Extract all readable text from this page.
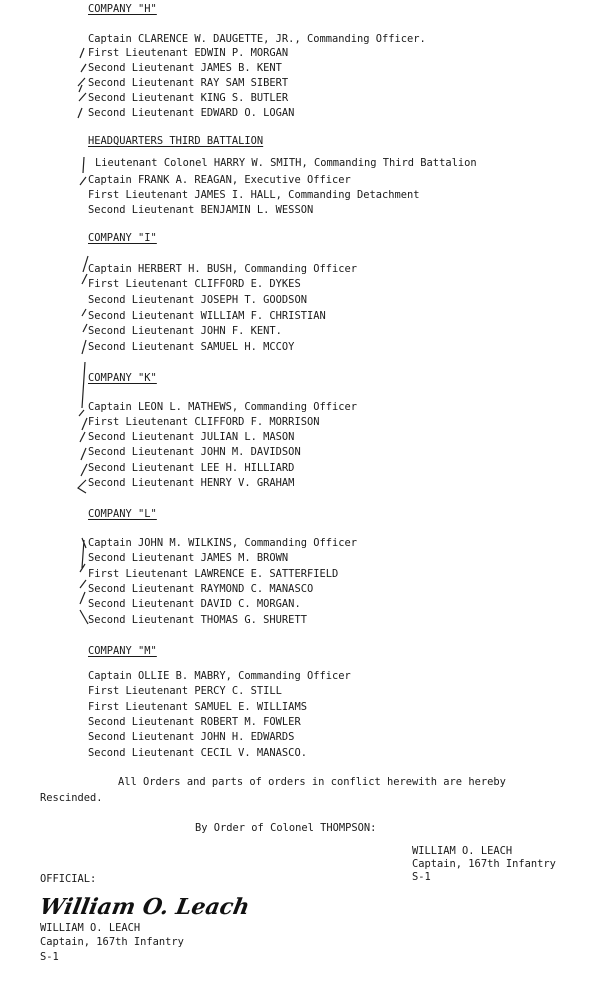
COMPANY "H"
Captain CLARENCE W. DAUGETTE, JR., Commanding Officer.
First Lieutenant EDWIN P. MORGAN
Second Lieutenant JAMES B. KENT
Second Lieutenant RAY SAM SIBERT
Second Lieutenant KING S. BUTLER
Second Lieutenant EDWARD O. LOGAN
HEADQUARTERS THIRD BATTALION
Lieutenant Colonel HARRY W. SMITH, Commanding Third Battalion
Captain FRANK A. REAGAN, Executive Officer
First Lieutenant JAMES I. HALL, Commanding Detachment
Second Lieutenant BENJAMIN L. WESSON
COMPANY "I"
Captain HERBERT H. BUSH, Commanding Officer
First Lieutenant CLIFFORD E. DYKES
Second Lieutenant JOSEPH T. GOODSON
Second Lieutenant WILLIAM F. CHRISTIAN
Second Lieutenant JOHN F. KENT.
Second Lieutenant SAMUEL H. MCCOY
COMPANY "K"
Captain LEON L. MATHEWS, Commanding Officer
First Lieutenant CLIFFORD F. MORRISON
Second Lieutenant JULIAN L. MASON
Second Lieutenant JOHN M. DAVIDSON
Second Lieutenant LEE H. HILLIARD
Second Lieutenant HENRY V. GRAHAM
COMPANY "L"
Captain JOHN M. WILKINS, Commanding Officer
Second Lieutenant JAMES M. BROWN
First Lieutenant LAWRENCE E. SATTERFIELD
Second Lieutenant RAYMOND C. MANASCO
Second Lieutenant DAVID C. MORGAN.
Second Lieutenant THOMAS G. SHURETT
COMPANY "M"
Captain OLLIE B. MABRY, Commanding Officer
First Lieutenant PERCY C. STILL
First Lieutenant SAMUEL E. WILLIAMS
Second Lieutenant ROBERT M. FOWLER
Second Lieutenant JOHN H. EDWARDS
Second Lieutenant CECIL V. MANASCO.
All Orders and parts of orders in conflict herewith are hereby
Rescinded.
By Order of Colonel THOMPSON:
WILLIAM O. LEACH
Captain, 167th Infantry
S-1
OFFICIAL:
William O. Leach
WILLIAM O. LEACH
Captain, 167th Infantry
S-1
